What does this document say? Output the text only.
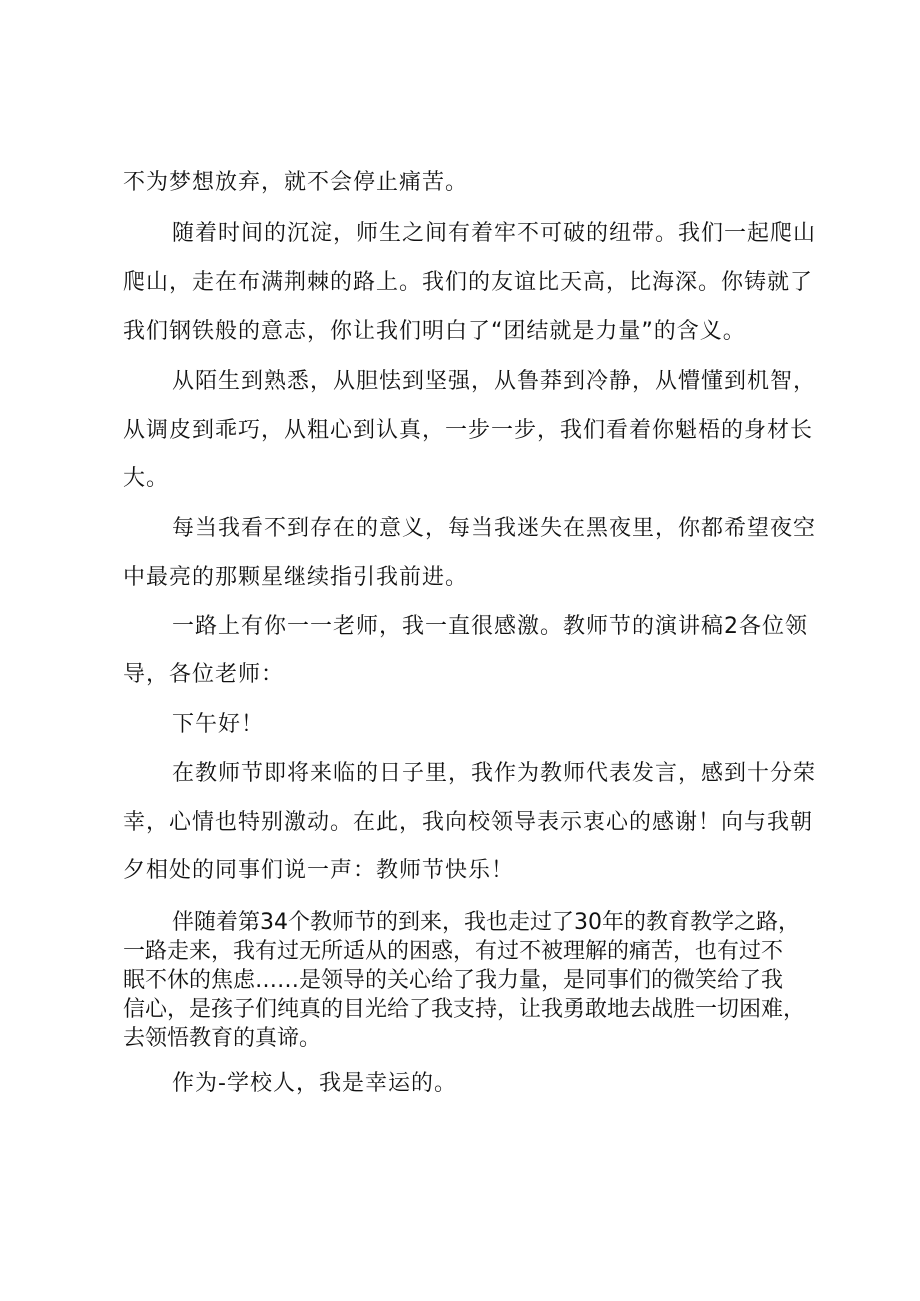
不为梦想放弃，就不会停止痛苦。
随着时间的沉淀，师生之间有着牢不可破的纽带。我们一起爬山
爬山，走在布满荆棘的路上。我们的友谊比天高，比海深。你铸就了
我们钢铁般的意志，你让我们明白了“团结就是力量”的含义。
从陌生到熟悉，从胆怯到坚强，从鲁莽到冷静，从懵懂到机智，
从调皮到乖巧，从粗心到认真，一步一步，我们看着你魁梧的身材长
大。
每当我看不到存在的意义，每当我迷失在黑夜里，你都希望夜空
中最亮的那颗星继续指引我前进。
一路上有你一一老师，我一直很感激。教师节的演讲稿2各位领
导，各位老师：
下午好！
在教师节即将来临的日子里，我作为教师代表发言，感到十分荣
幸，心情也特别激动。在此，我向校领导表示衷心的感谢！向与我朝
夕相处的同事们说一声：教师节快乐！
伴随着第34个教师节的到来，我也走过了30年的教育教学之路，
一路走来，我有过无所适从的困惑，有过不被理解的痛苦，也有过不
眠不休的焦虑……是领导的关心给了我力量，是同事们的微笑给了我
信心，是孩子们纯真的目光给了我支持，让我勇敢地去战胜一切困难，
去领悟教育的真谛。
作为-学校人，我是幸运的。
